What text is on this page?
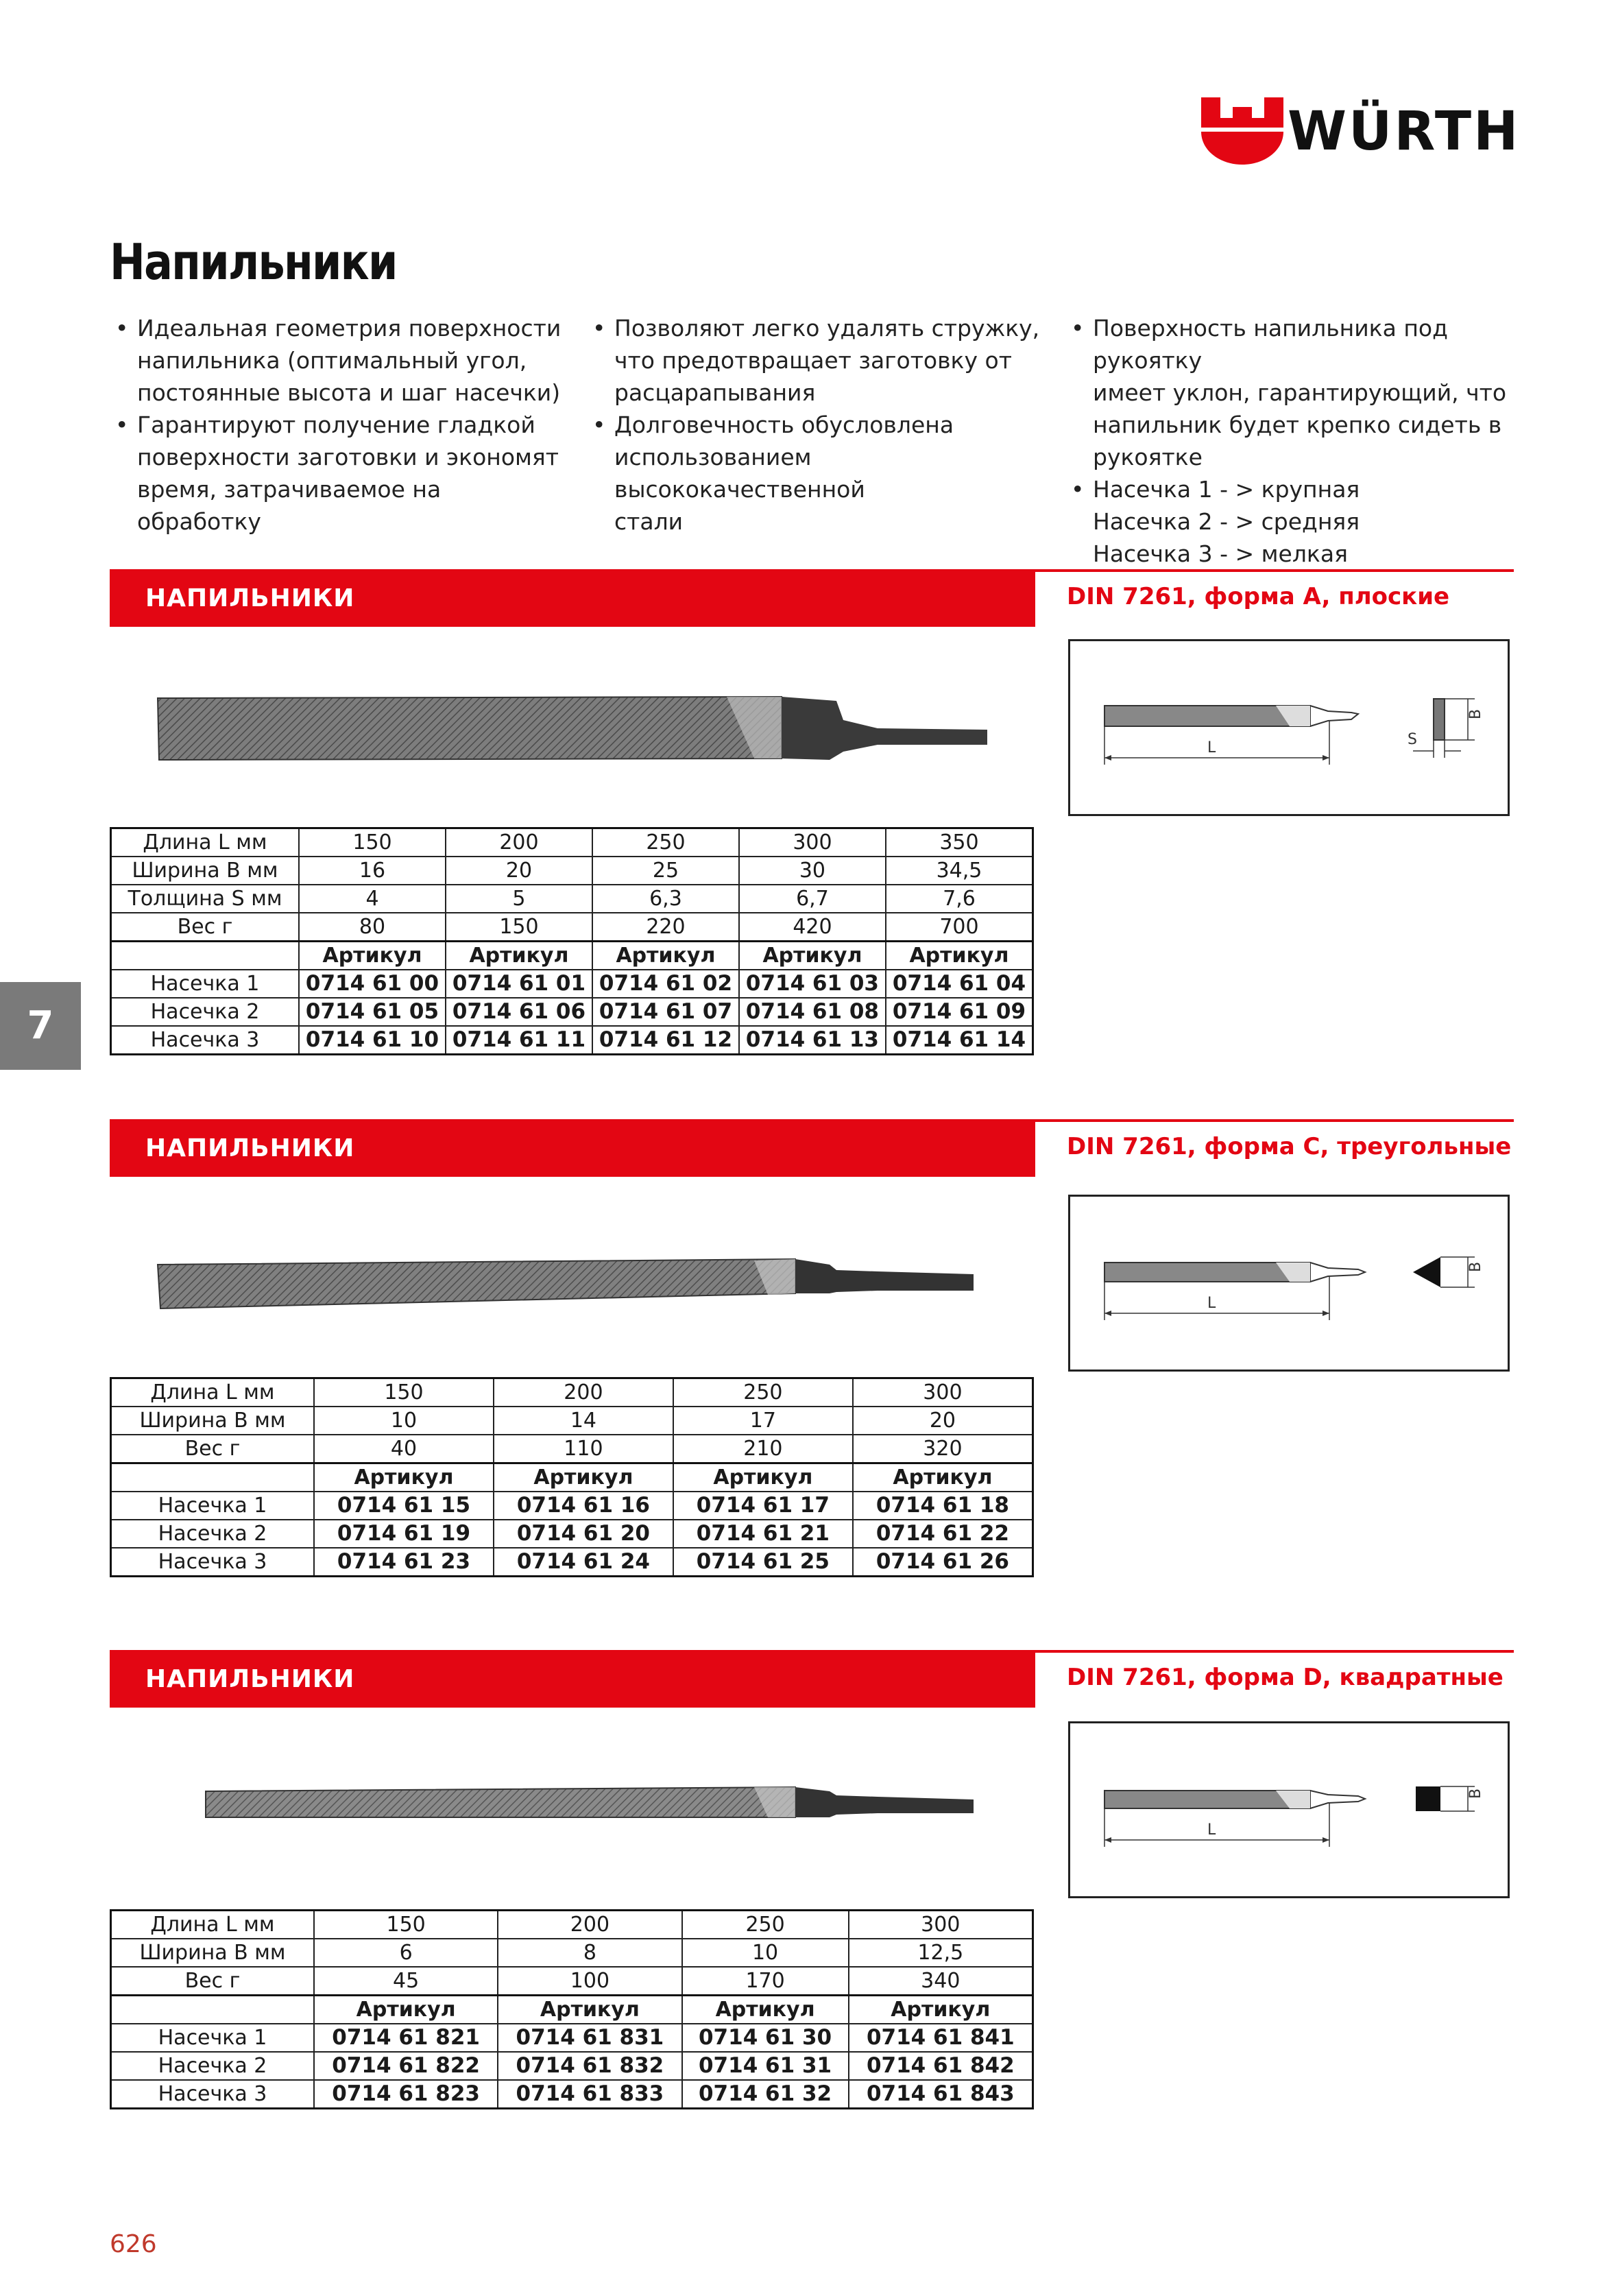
WÜRTH
Напильники
• Идеальная геометрия поверхности
напильника (оптимальный угол,
постоянные высота и шаг насечки)
• Гарантируют получение гладкой
поверхности заготовки и экономят
время, затрачиваемое на обработку
• Позволяют легко удалять стружку,
что предотвращает заготовку от
расцарапывания
• Долговечность обусловлена
использованием высококачественной
стали
• Поверхность напильника под рукоятку
имеет уклон, гарантирующий, что
напильник будет крепко сидеть в
рукоятке
• Насечка 1 - > крупная
Насечка 2 - > средняя
Насечка 3 - > мелкая
НАПИЛЬНИКИ	DIN 7261, форма A, плоские
L
B
S
Длина L мм	150	200	250	300	350
Ширина B мм	16	20	25	30	34,5
Толщина S мм	4	5	6,3	6,7	7,6
Вес г	80	150	220	420	700
	Артикул	Артикул	Артикул	Артикул	Артикул
Насечка 1	0714 61 00	0714 61 01	0714 61 02	0714 61 03	0714 61 04
Насечка 2	0714 61 05	0714 61 06	0714 61 07	0714 61 08	0714 61 09
Насечка 3	0714 61 10	0714 61 11	0714 61 12	0714 61 13	0714 61 14
НАПИЛЬНИКИ	DIN 7261, форма C, треугольные
L
B
Длина L мм	150	200	250	300
Ширина B мм	10	14	17	20
Вес г	40	110	210	320
	Артикул	Артикул	Артикул	Артикул
Насечка 1	0714 61 15	0714 61 16	0714 61 17	0714 61 18
Насечка 2	0714 61 19	0714 61 20	0714 61 21	0714 61 22
Насечка 3	0714 61 23	0714 61 24	0714 61 25	0714 61 26
НАПИЛЬНИКИ	DIN 7261, форма D, квадратные
L
B
Длина L мм	150	200	250	300
Ширина B мм	6	8	10	12,5
Вес г	45	100	170	340
	Артикул	Артикул	Артикул	Артикул
Насечка 1	0714 61 821	0714 61 831	0714 61 30	0714 61 841
Насечка 2	0714 61 822	0714 61 832	0714 61 31	0714 61 842
Насечка 3	0714 61 823	0714 61 833	0714 61 32	0714 61 843
7
626
